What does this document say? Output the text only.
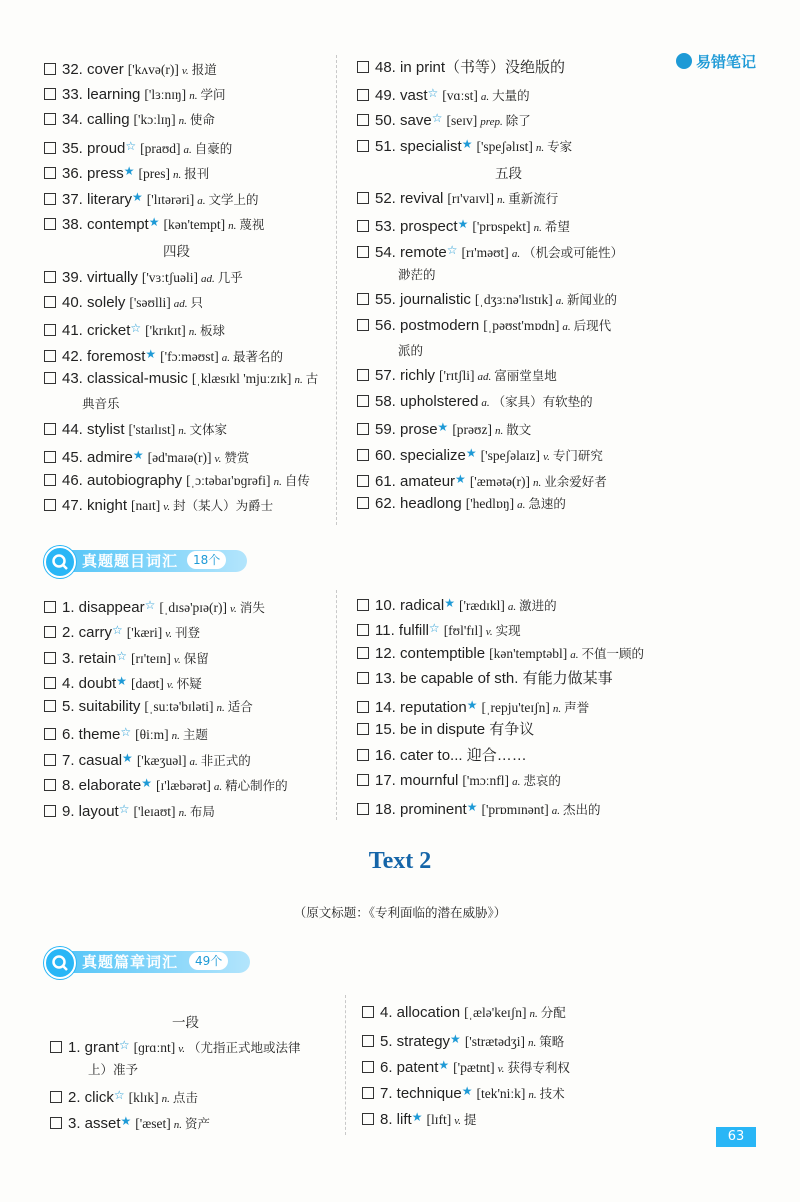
易错笔记
四段
五段
一段
32. cover ['kʌvə(r)] v. 报道
33. learning ['lɜːnɪŋ] n. 学问
34. calling ['kɔːlɪŋ] n. 使命
35. proud☆ [praʊd] a. 自豪的
36. press★ [pres] n. 报刊
37. literary★ ['lɪtərəri] a. 文学上的
38. contempt★ [kən'tempt] n. 蔑视
39. virtually ['vɜːtʃuəli] ad. 几乎
40. solely ['səʊlli] ad. 只
41. cricket☆ ['krɪkɪt] n. 板球
42. foremost★ ['fɔːməʊst] a. 最著名的
43. classical-music [ˌklæsɪkl 'mjuːzɪk] n. 古
典音乐
44. stylist ['staɪlɪst] n. 文体家
45. admire★ [əd'maɪə(r)] v. 赞赏
46. autobiography [ˌɔːtəbaɪ'ɒɡrəfi] n. 自传
47. knight [naɪt] v. 封（某人）为爵士
48. in print（书等）没绝版的
49. vast☆ [vɑːst] a. 大量的
50. save☆ [seɪv] prep. 除了
51. specialist★ ['speʃəlɪst] n. 专家
52. revival [rɪ'vaɪvl] n. 重新流行
53. prospect★ ['prɒspekt] n. 希望
54. remote☆ [rɪ'məʊt] a. （机会或可能性）
渺茫的
55. journalistic [ˌdʒɜːnə'lɪstɪk] a. 新闻业的
56. postmodern [ˌpəʊst'mɒdn] a. 后现代
派的
57. richly ['rɪtʃli] ad. 富丽堂皇地
58. upholstered a. （家具）有软垫的
59. prose★ [prəʊz] n. 散文
60. specialize★ ['speʃəlaɪz] v. 专门研究
61. amateur★ ['æmətə(r)] n. 业余爱好者
62. headlong ['hedlɒŋ] a. 急速的
1. disappear☆ [ˌdɪsə'pɪə(r)] v. 消失
2. carry☆ ['kæri] v. 刊登
3. retain☆ [rɪ'teɪn] v. 保留
4. doubt★ [daʊt] v. 怀疑
5. suitability [ˌsuːtə'bɪləti] n. 适合
6. theme☆ [θiːm] n. 主题
7. casual★ ['kæʒuəl] a. 非正式的
8. elaborate★ [ɪ'læbərət] a. 精心制作的
9. layout☆ ['leɪaʊt] n. 布局
10. radical★ ['rædɪkl] a. 激进的
11. fulfill☆ [fʊl'fɪl] v. 实现
12. contemptible [kən'temptəbl] a. 不值一顾的
13. be capable of sth. 有能力做某事
14. reputation★ [ˌrepju'teɪʃn] n. 声誉
15. be in dispute 有争议
16. cater to... 迎合……
17. mournful ['mɔːnfl] a. 悲哀的
18. prominent★ ['prɒmɪnənt] a. 杰出的
1. grant☆ [ɡrɑːnt] v. （尤指正式地或法律
上）准予
2. click☆ [klɪk] n. 点击
3. asset★ ['æset] n. 资产
4. allocation [ˌælə'keɪʃn] n. 分配
5. strategy★ ['strætədʒi] n. 策略
6. patent★ ['pætnt] v. 获得专利权
7. technique★ [tek'niːk] n. 技术
8. lift★ [lɪft] v. 提
真题题目词汇	18个
真题篇章词汇	49个
Text 2
（原文标题：《专利面临的潜在威胁》）
63
